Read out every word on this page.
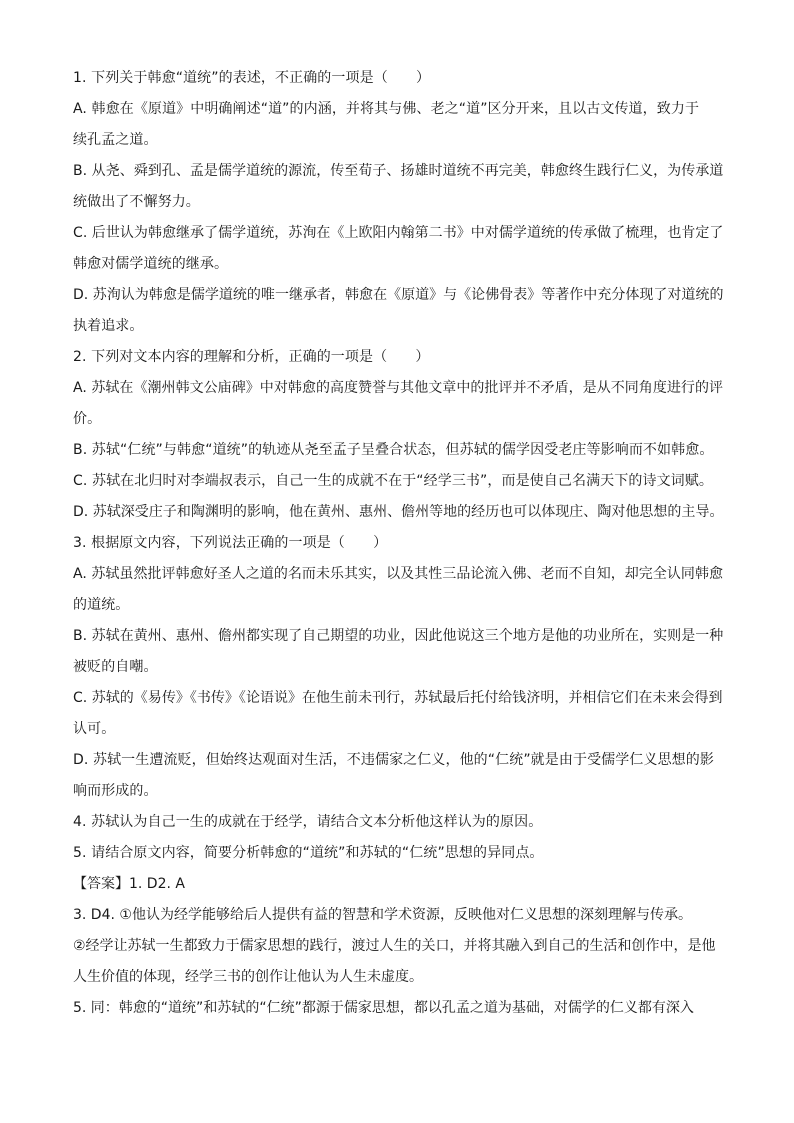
1. 下列关于韩愈“道统”的表述，不正确的一项是（　　）
A. 韩愈在《原道》中明确阐述“道”的内涵，并将其与佛、老之“道”区分开来，且以古文传道，致力于
续孔孟之道。
B. 从尧、舜到孔、孟是儒学道统的源流，传至荀子、扬雄时道统不再完美，韩愈终生践行仁义，为传承道
统做出了不懈努力。
C. 后世认为韩愈继承了儒学道统，苏洵在《上欧阳内翰第二书》中对儒学道统的传承做了梳理，也肯定了
韩愈对儒学道统的继承。
D. 苏洵认为韩愈是儒学道统的唯一继承者，韩愈在《原道》与《论佛骨表》等著作中充分体现了对道统的
执着追求。
2. 下列对文本内容的理解和分析，正确的一项是（　　）
A. 苏轼在《潮州韩文公庙碑》中对韩愈的高度赞誉与其他文章中的批评并不矛盾，是从不同角度进行的评
价。
B. 苏轼“仁统”与韩愈“道统”的轨迹从尧至孟子呈叠合状态，但苏轼的儒学因受老庄等影响而不如韩愈。
C. 苏轼在北归时对李端叔表示，自己一生的成就不在于“经学三书”，而是使自己名满天下的诗文词赋。
D. 苏轼深受庄子和陶渊明的影响，他在黄州、惠州、儋州等地的经历也可以体现庄、陶对他思想的主导。
3. 根据原文内容，下列说法正确的一项是（　　）
A. 苏轼虽然批评韩愈好圣人之道的名而未乐其实，以及其性三品论流入佛、老而不自知，却完全认同韩愈
的道统。
B. 苏轼在黄州、惠州、儋州都实现了自己期望的功业，因此他说这三个地方是他的功业所在，实则是一种
被贬的自嘲。
C. 苏轼的《易传》《书传》《论语说》在他生前未刊行，苏轼最后托付给钱济明，并相信它们在未来会得到
认可。
D. 苏轼一生遭流贬，但始终达观面对生活，不违儒家之仁义，他的“仁统”就是由于受儒学仁义思想的影
响而形成的。
4. 苏轼认为自己一生的成就在于经学，请结合文本分析他这样认为的原因。
5. 请结合原文内容，简要分析韩愈的“道统”和苏轼的“仁统”思想的异同点。
【答案】1. D2. A
3. D4. ①他认为经学能够给后人提供有益的智慧和学术资源，反映他对仁义思想的深刻理解与传承。
②经学让苏轼一生都致力于儒家思想的践行，渡过人生的关口，并将其融入到自己的生活和创作中，是他
人生价值的体现，经学三书的创作让他认为人生未虚度。
5. 同：韩愈的“道统”和苏轼的“仁统”都源于儒家思想，都以孔孟之道为基础，对儒学的仁义都有深入
